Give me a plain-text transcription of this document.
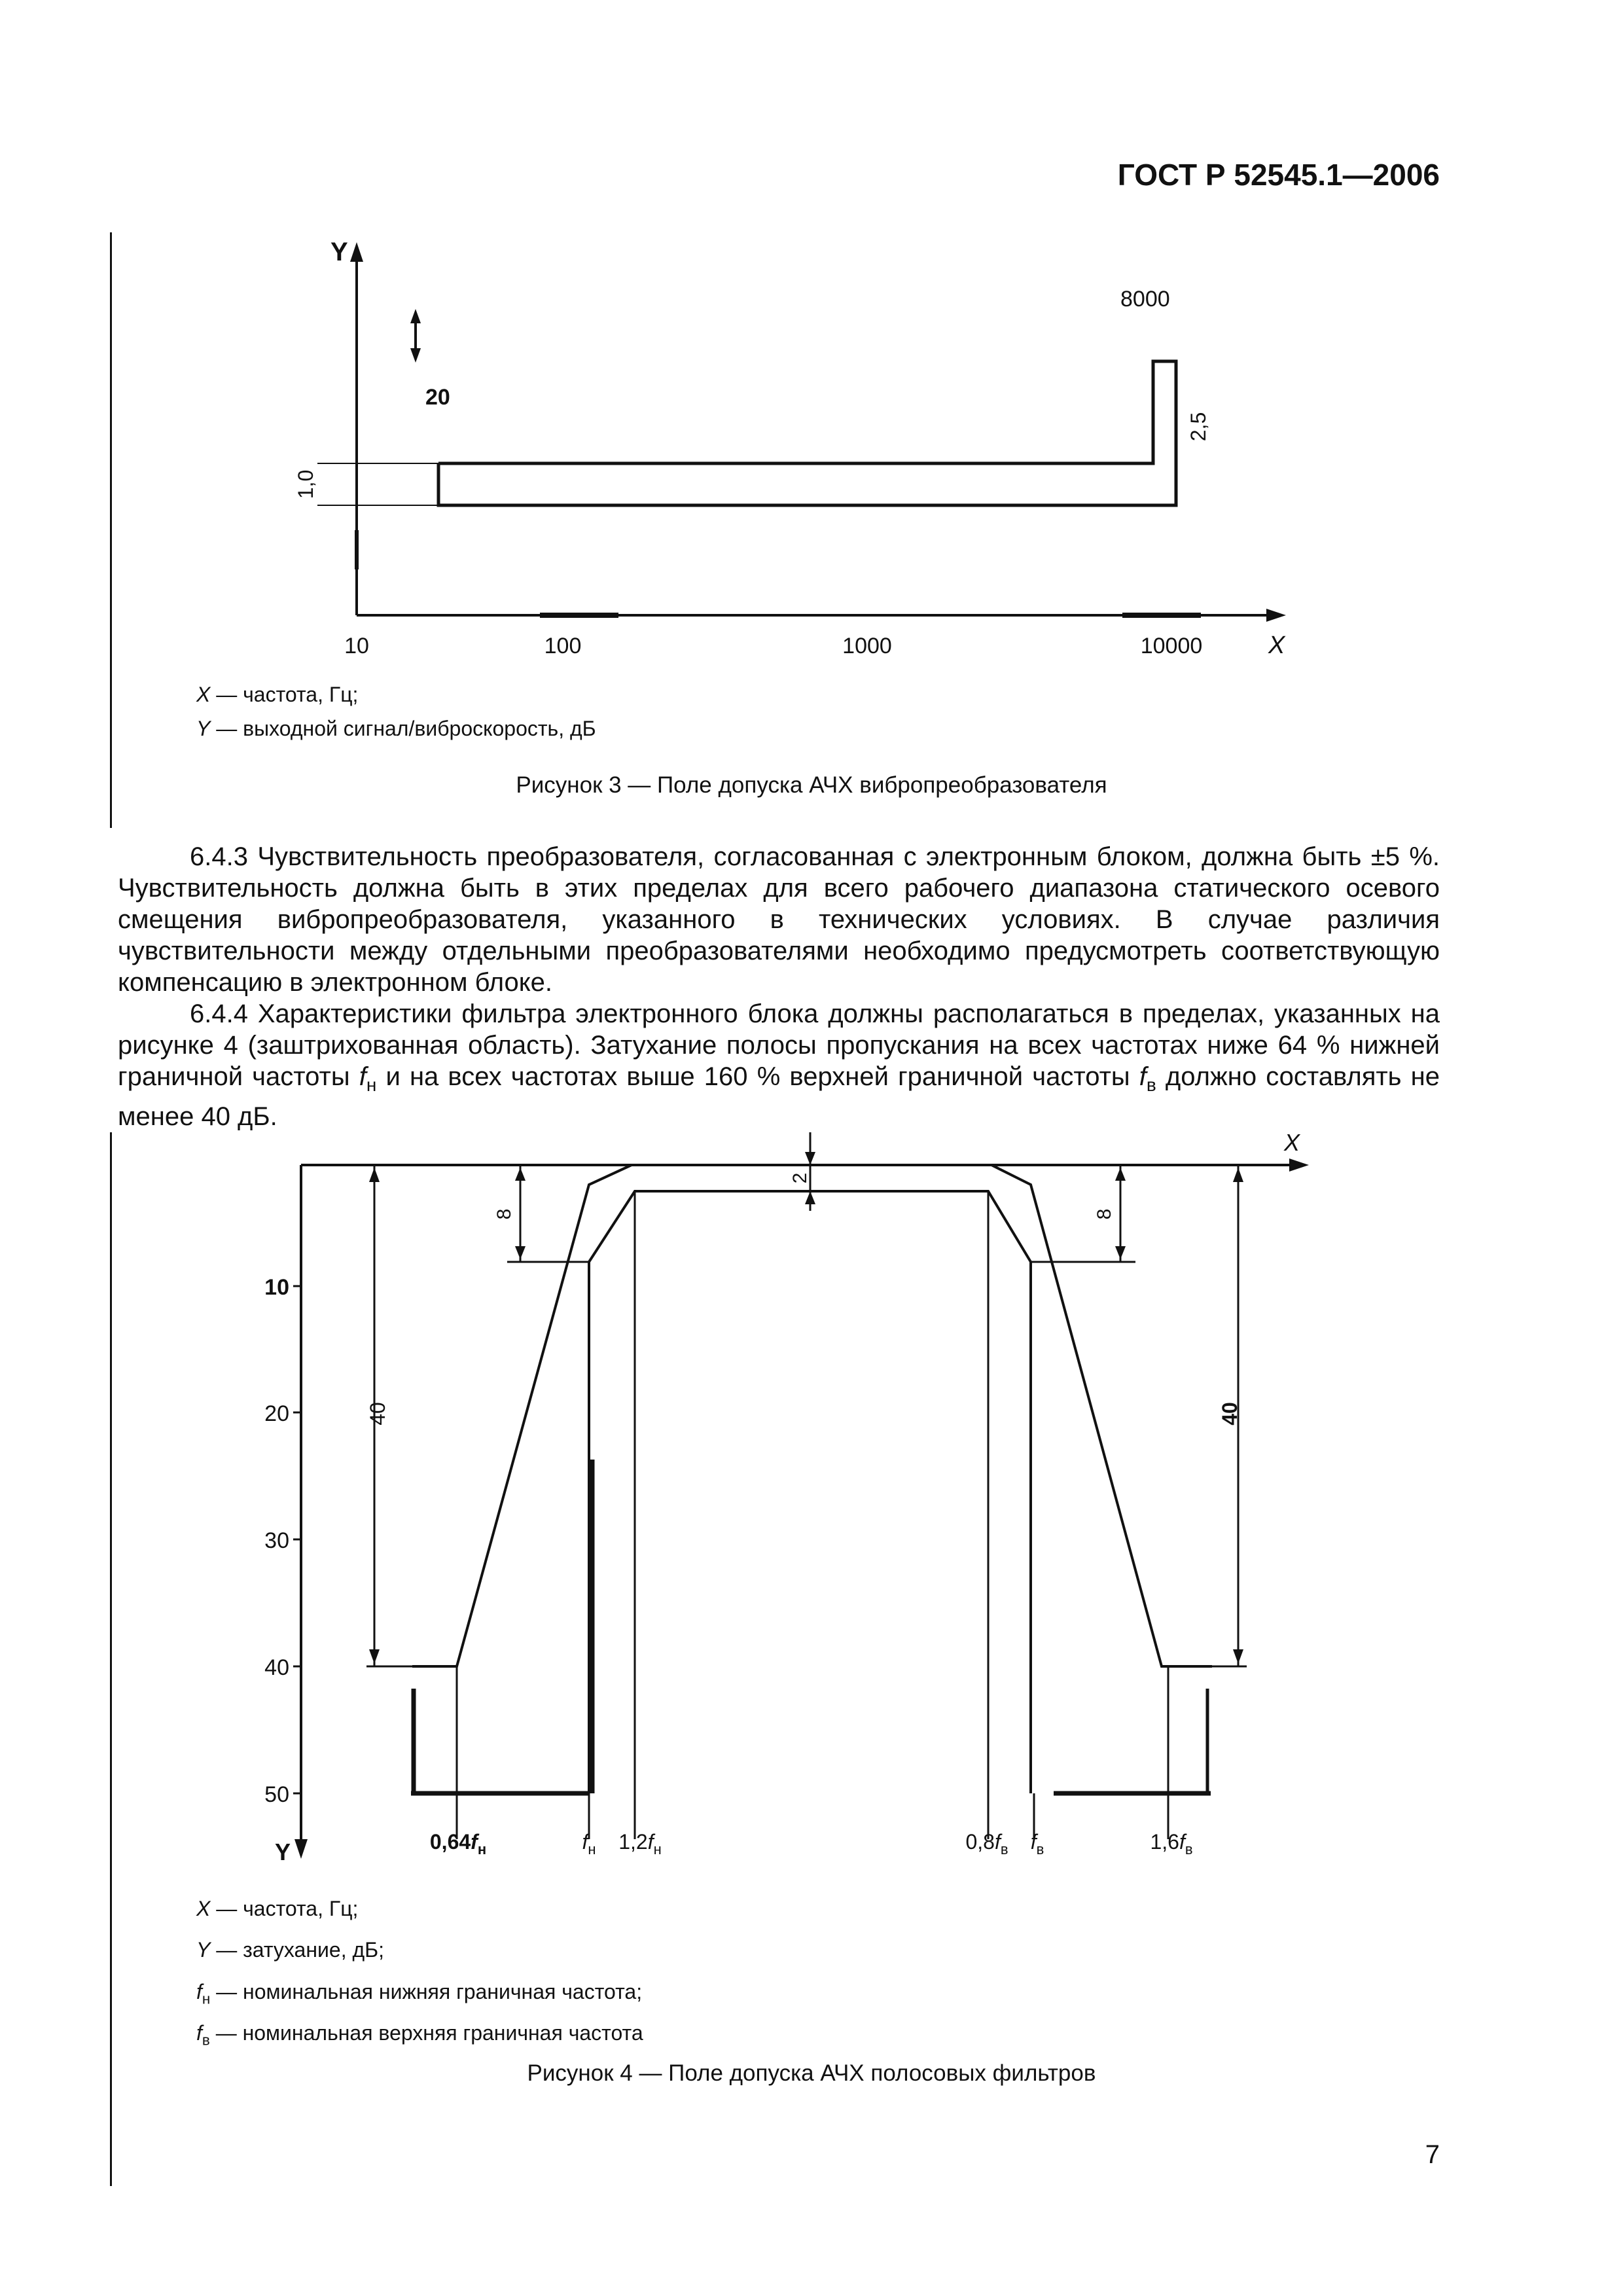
ГОСТ Р 52545.1—2006
Y
1,0
20
8000
2,5
10	100	1000	10000	X
X — частота, Гц;
Y — выходной сигнал/виброскорость, дБ
Рисунок 3 — Поле допуска АЧХ вибропреобразователя

6.4.3 Чувствительность преобразователя, согласованная с электронным блоком, должна быть ±5 %. Чувствительность должна быть в этих пределах для всего рабочего диапазона статического осевого смещения вибропреобразователя, указанного в технических условиях. В случае различия чувствительности между отдельными преобразователями необходимо предусмотреть соответствующую компенсацию в электронном блоке.

6.4.4 Характеристики фильтра электронного блока должны располагаться в пределах, указанных на рисунке 4 (заштрихованная область). Затухание полосы пропускания на всех частотах ниже 64 % нижней граничной частоты $f_н$ и на всех частотах выше 160 % верхней граничной частоты $f_в$ должно составлять не менее 40 дБ.

X
Y
10
20
30
40
50
40	40
8	8
2
$0,64f_н$	$f_н$ $1,2f_н$	$0,8f_в$ $f_в$	$1,6f_в$
X — частота, Гц;
Y — затухание, дБ;
$f_н$ — номинальная нижняя граничная частота;
$f_в$ — номинальная верхняя граничная частота
Рисунок 4 — Поле допуска АЧХ полосовых фильтров
7
